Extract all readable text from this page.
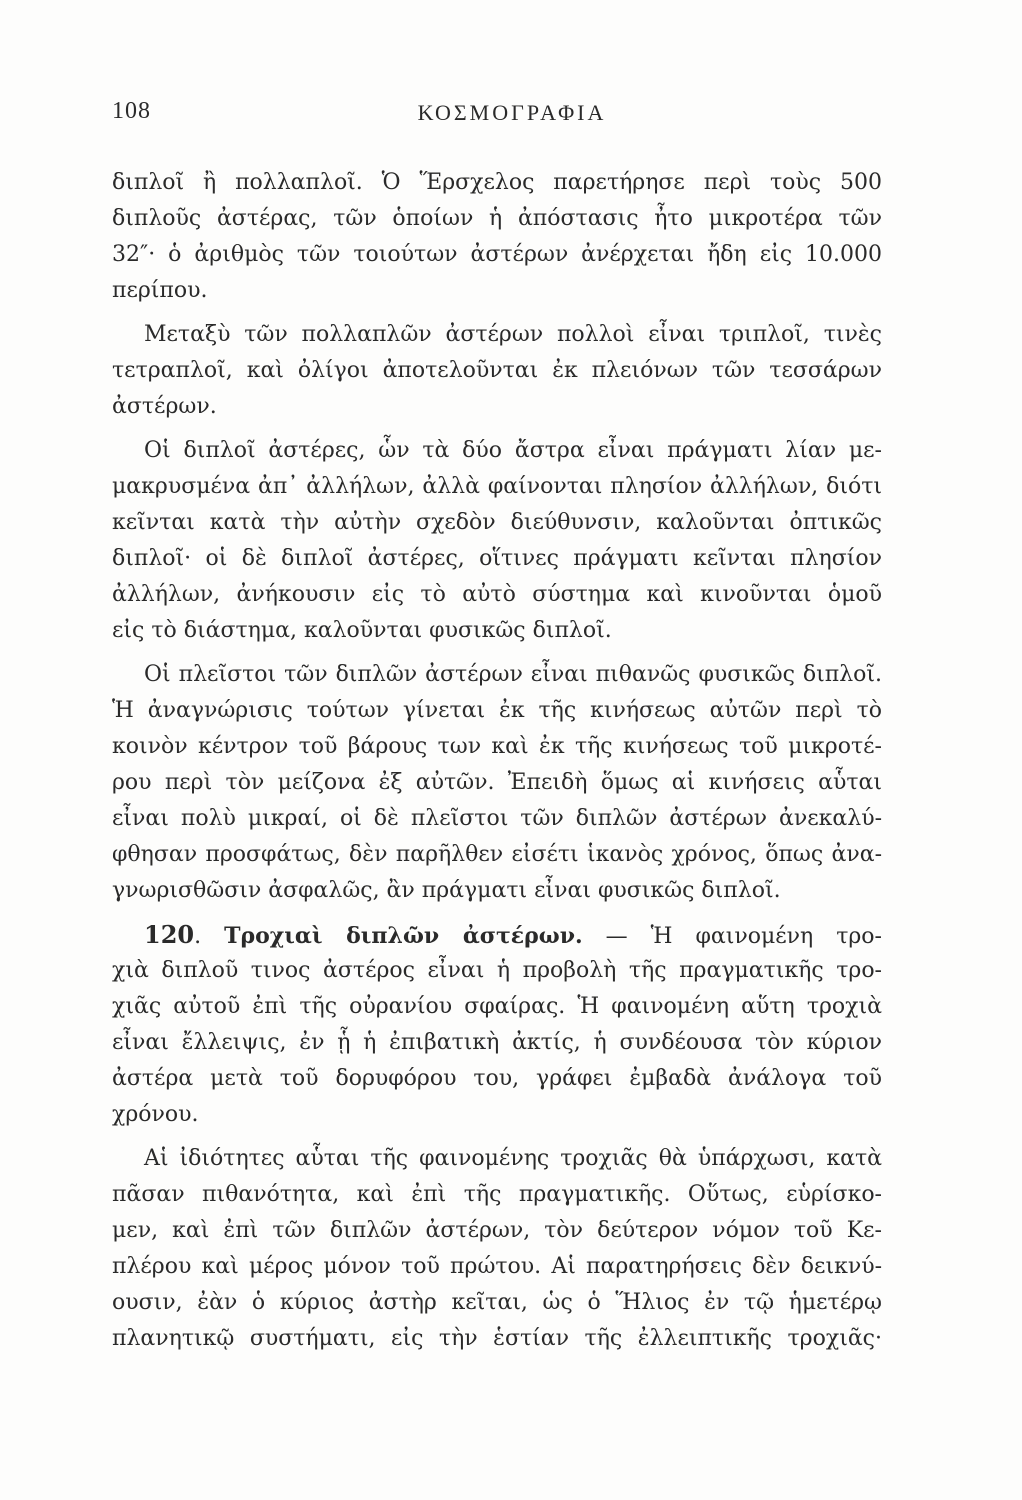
108	ΚΟΣΜΟΓΡΑΦΙΑ
διπλοῖ ἢ πολλαπλοῖ. Ὁ Ἕρσχελος παρετήρησε περὶ τοὺς 500
διπλοῦς ἀστέρας, τῶν ὁποίων ἡ ἀπόστασις ἦτο μικροτέρα τῶν
32″· ὁ ἀριθμὸς τῶν τοιούτων ἀστέρων ἀνέρχεται ἤδη εἰς 10.000
περίπου.
Μεταξὺ τῶν πολλαπλῶν ἀστέρων πολλοὶ εἶναι τριπλοῖ, τινὲς
τετραπλοῖ, καὶ ὀλίγοι ἀποτελοῦνται ἐκ πλειόνων τῶν τεσσάρων
ἀστέρων.
Οἱ διπλοῖ ἀστέρες, ὧν τὰ δύο ἄστρα εἶναι πράγματι λίαν με-
μακρυσμένα ἀπ᾽ ἀλλήλων, ἀλλὰ φαίνονται πλησίον ἀλλήλων, διότι
κεῖνται κατὰ τὴν αὐτὴν σχεδὸν διεύθυνσιν, καλοῦνται ὀπτικῶς
διπλοῖ· οἱ δὲ διπλοῖ ἀστέρες, οἵτινες πράγματι κεῖνται πλησίον
ἀλλήλων, ἀνήκουσιν εἰς τὸ αὐτὸ σύστημα καὶ κινοῦνται ὁμοῦ
εἰς τὸ διάστημα, καλοῦνται φυσικῶς διπλοῖ.
Οἱ πλεῖστοι τῶν διπλῶν ἀστέρων εἶναι πιθανῶς φυσικῶς διπλοῖ.
Ἡ ἀναγνώρισις τούτων γίνεται ἐκ τῆς κινήσεως αὐτῶν περὶ τὸ
κοινὸν κέντρον τοῦ βάρους των καὶ ἐκ τῆς κινήσεως τοῦ μικροτέ-
ρου περὶ τὸν μείζονα ἐξ αὐτῶν. Ἐπειδὴ ὅμως αἱ κινήσεις αὗται
εἶναι πολὺ μικραί, οἱ δὲ πλεῖστοι τῶν διπλῶν ἀστέρων ἀνεκαλύ-
φθησαν προσφάτως, δὲν παρῆλθεν εἰσέτι ἱκανὸς χρόνος, ὅπως ἀνα-
γνωρισθῶσιν ἀσφαλῶς, ἂν πράγματι εἶναι φυσικῶς διπλοῖ.
120. Τροχιαὶ διπλῶν ἀστέρων. — Ἡ φαινομένη τρο-
χιὰ διπλοῦ τινος ἀστέρος εἶναι ἡ προβολὴ τῆς πραγματικῆς τρο-
χιᾶς αὐτοῦ ἐπὶ τῆς οὐρανίου σφαίρας. Ἡ φαινομένη αὕτη τροχιὰ
εἶναι ἔλλειψις, ἐν ᾗ ἡ ἐπιβατικὴ ἀκτίς, ἡ συνδέουσα τὸν κύριον
ἀστέρα μετὰ τοῦ δορυφόρου του, γράφει ἐμβαδὰ ἀνάλογα τοῦ
χρόνου.
Αἱ ἰδιότητες αὗται τῆς φαινομένης τροχιᾶς θὰ ὑπάρχωσι, κατὰ
πᾶσαν πιθανότητα, καὶ ἐπὶ τῆς πραγματικῆς. Οὕτως, εὑρίσκο-
μεν, καὶ ἐπὶ τῶν διπλῶν ἀστέρων, τὸν δεύτερον νόμον τοῦ Κε-
πλέρου καὶ μέρος μόνον τοῦ πρώτου. Αἱ παρατηρήσεις δὲν δεικνύ-
ουσιν, ἐὰν ὁ κύριος ἀστὴρ κεῖται, ὡς ὁ Ἥλιος ἐν τῷ ἡμετέρῳ
πλανητικῷ συστήματι, εἰς τὴν ἑστίαν τῆς ἐλλειπτικῆς τροχιᾶς·
